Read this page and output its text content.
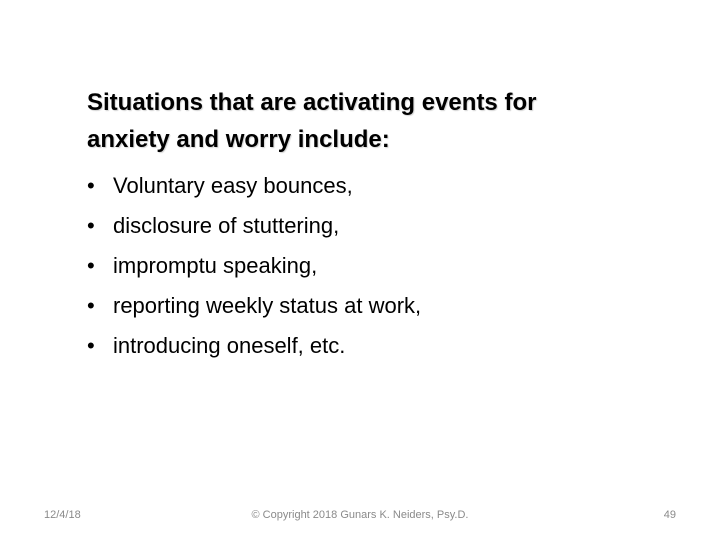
Situations that are activating events for
anxiety and worry include:
• Voluntary easy bounces,
• disclosure of stuttering,
• impromptu speaking,
• reporting weekly status at work,
• introducing oneself, etc.
12/4/18	© Copyright 2018 Gunars K. Neiders, Psy.D.	49
